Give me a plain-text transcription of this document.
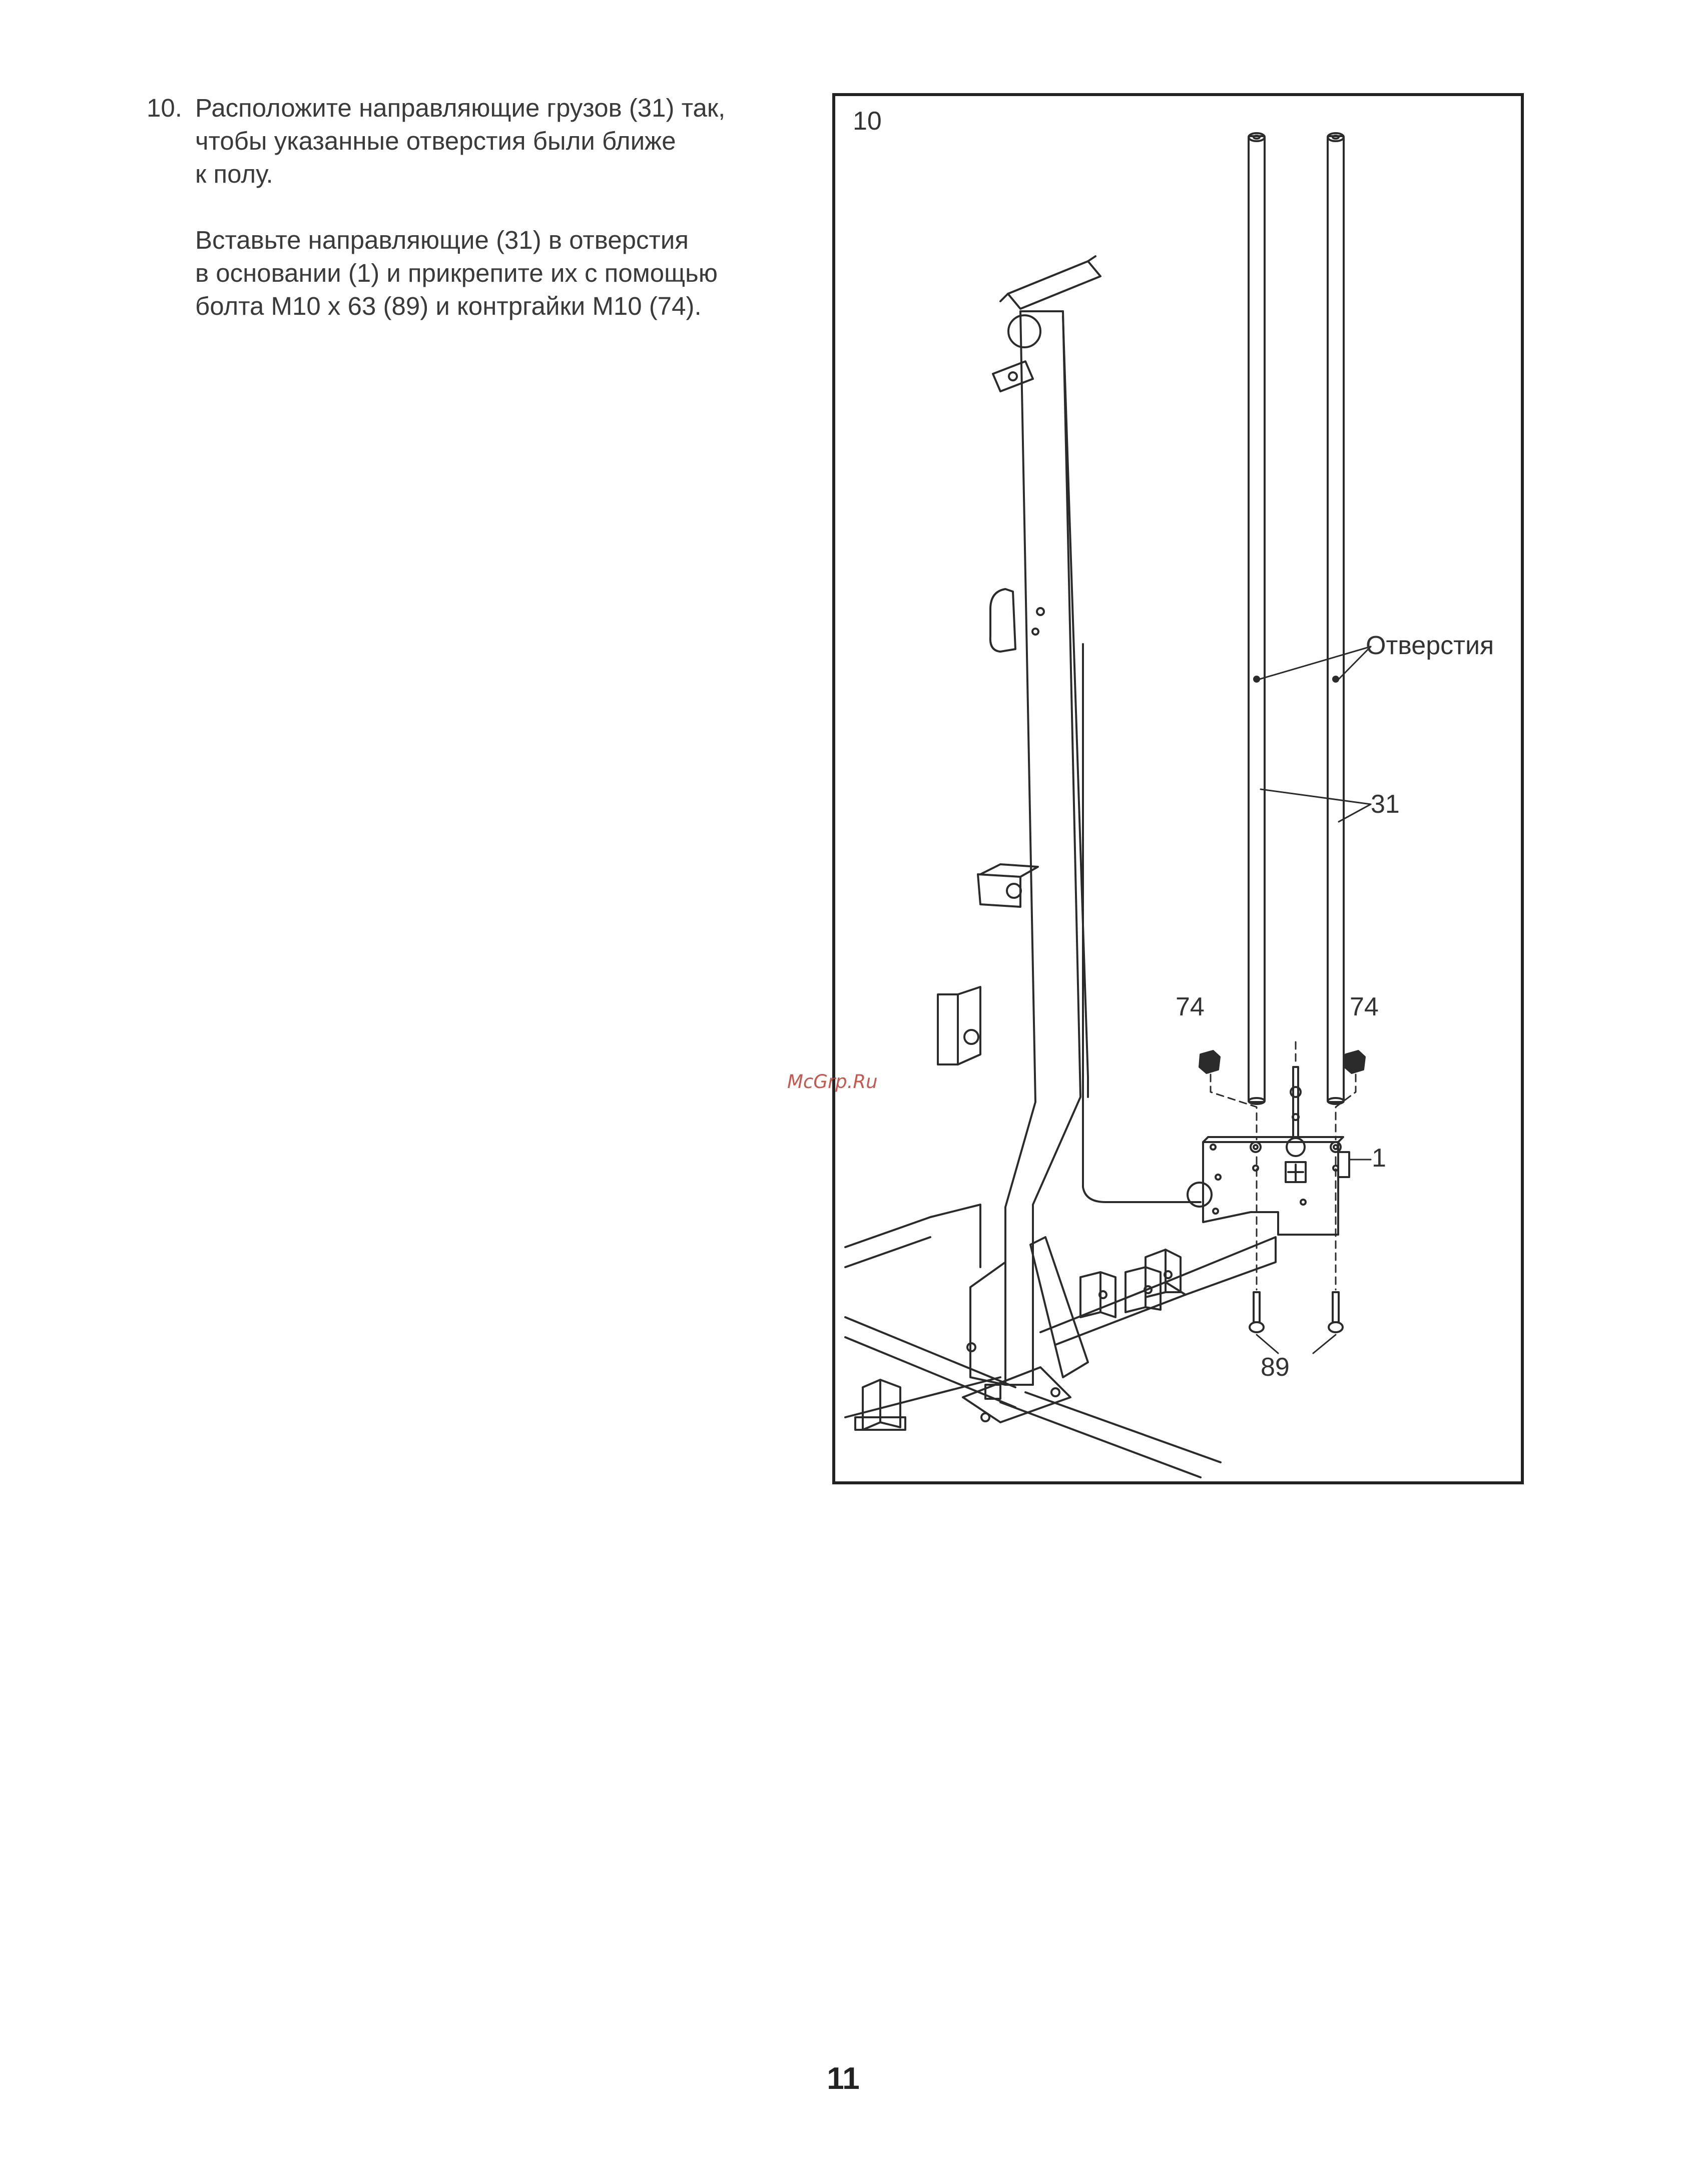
10. Расположите направляющие грузов (31) так,
чтобы указанные отверстия были ближе
к полу.
Вставьте направляющие (31) в отверстия
в основании (1) и прикрепите их с помощью
болта M10 x 63 (89) и контргайки M10 (74).
10
Отверстия
31
74	74
1
89
McGrp.Ru
11
